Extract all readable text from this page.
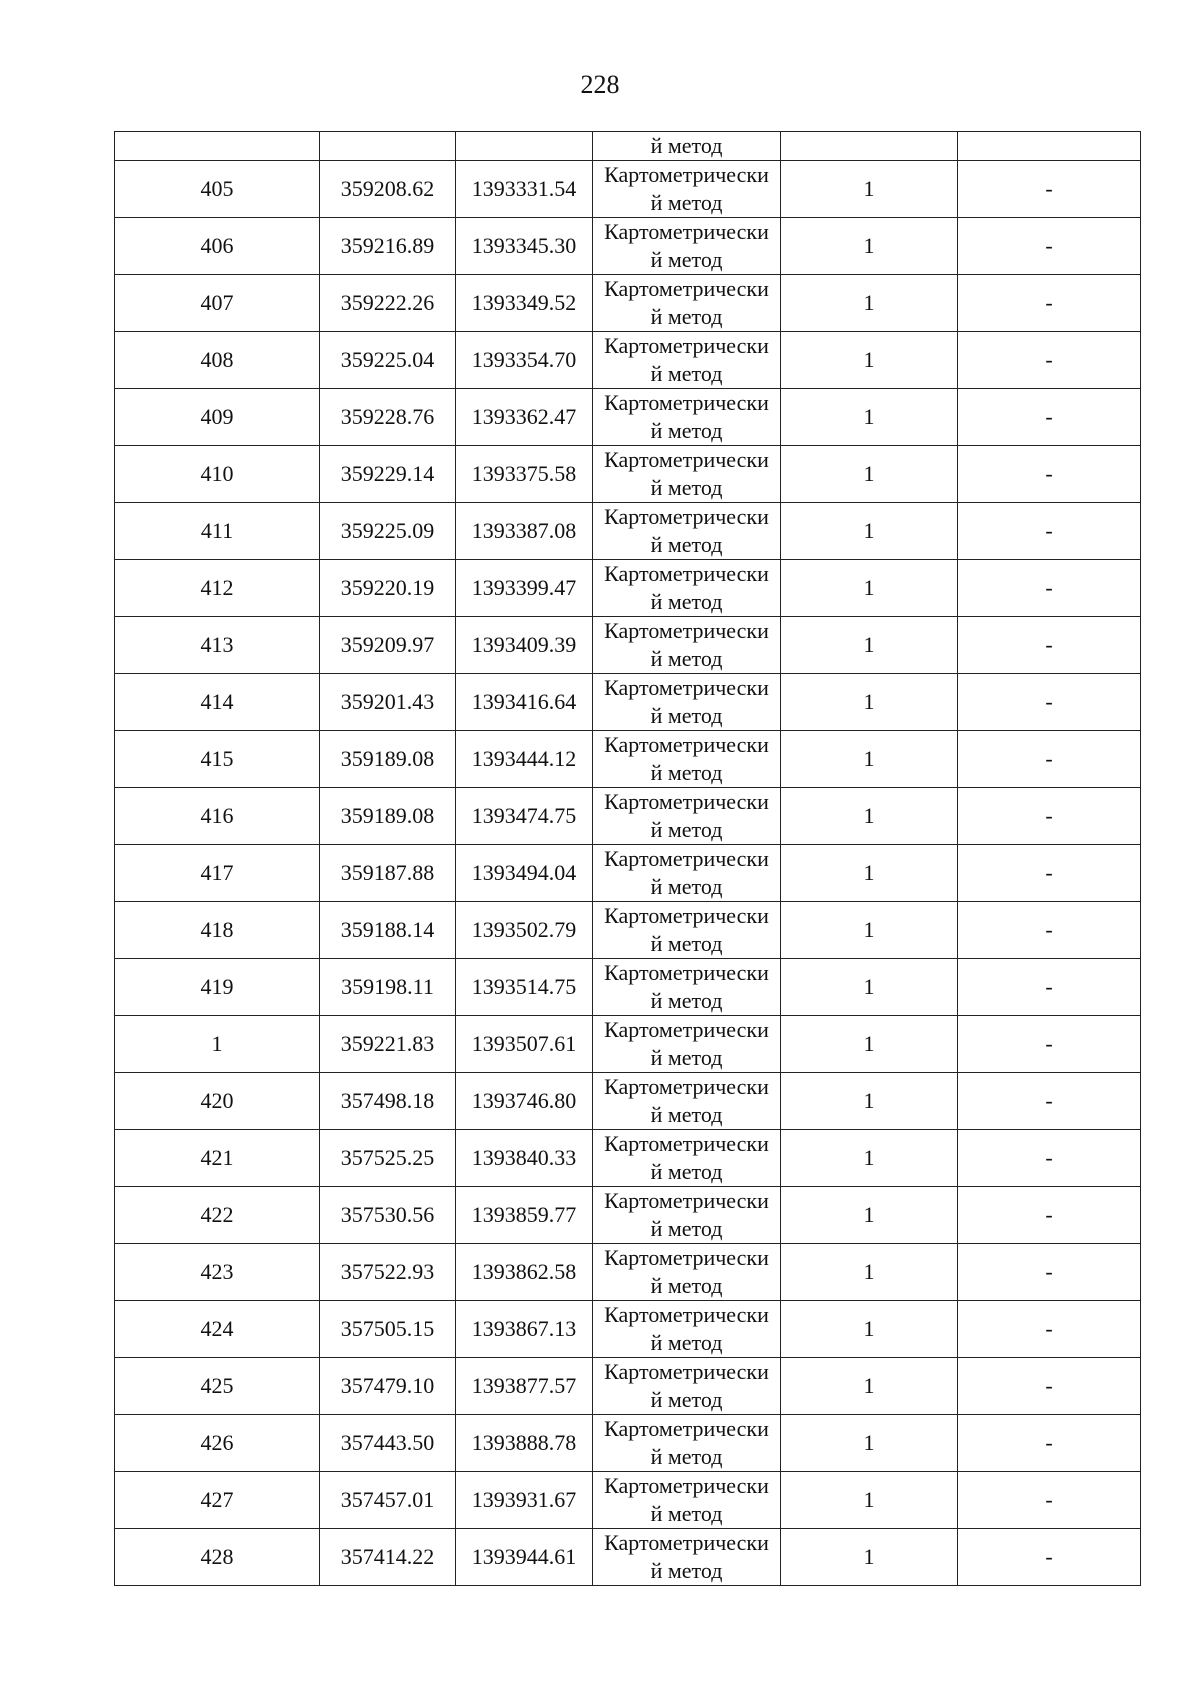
228
			й метод		
405	359208.62	1393331.54	Картометрически
й метод	1	-
406	359216.89	1393345.30	Картометрически
й метод	1	-
407	359222.26	1393349.52	Картометрически
й метод	1	-
408	359225.04	1393354.70	Картометрически
й метод	1	-
409	359228.76	1393362.47	Картометрически
й метод	1	-
410	359229.14	1393375.58	Картометрически
й метод	1	-
411	359225.09	1393387.08	Картометрически
й метод	1	-
412	359220.19	1393399.47	Картометрически
й метод	1	-
413	359209.97	1393409.39	Картометрически
й метод	1	-
414	359201.43	1393416.64	Картометрически
й метод	1	-
415	359189.08	1393444.12	Картометрически
й метод	1	-
416	359189.08	1393474.75	Картометрически
й метод	1	-
417	359187.88	1393494.04	Картометрически
й метод	1	-
418	359188.14	1393502.79	Картометрически
й метод	1	-
419	359198.11	1393514.75	Картометрически
й метод	1	-
1	359221.83	1393507.61	Картометрически
й метод	1	-
420	357498.18	1393746.80	Картометрически
й метод	1	-
421	357525.25	1393840.33	Картометрически
й метод	1	-
422	357530.56	1393859.77	Картометрически
й метод	1	-
423	357522.93	1393862.58	Картометрически
й метод	1	-
424	357505.15	1393867.13	Картометрически
й метод	1	-
425	357479.10	1393877.57	Картометрически
й метод	1	-
426	357443.50	1393888.78	Картометрически
й метод	1	-
427	357457.01	1393931.67	Картометрически
й метод	1	-
428	357414.22	1393944.61	Картометрически
й метод	1	-
